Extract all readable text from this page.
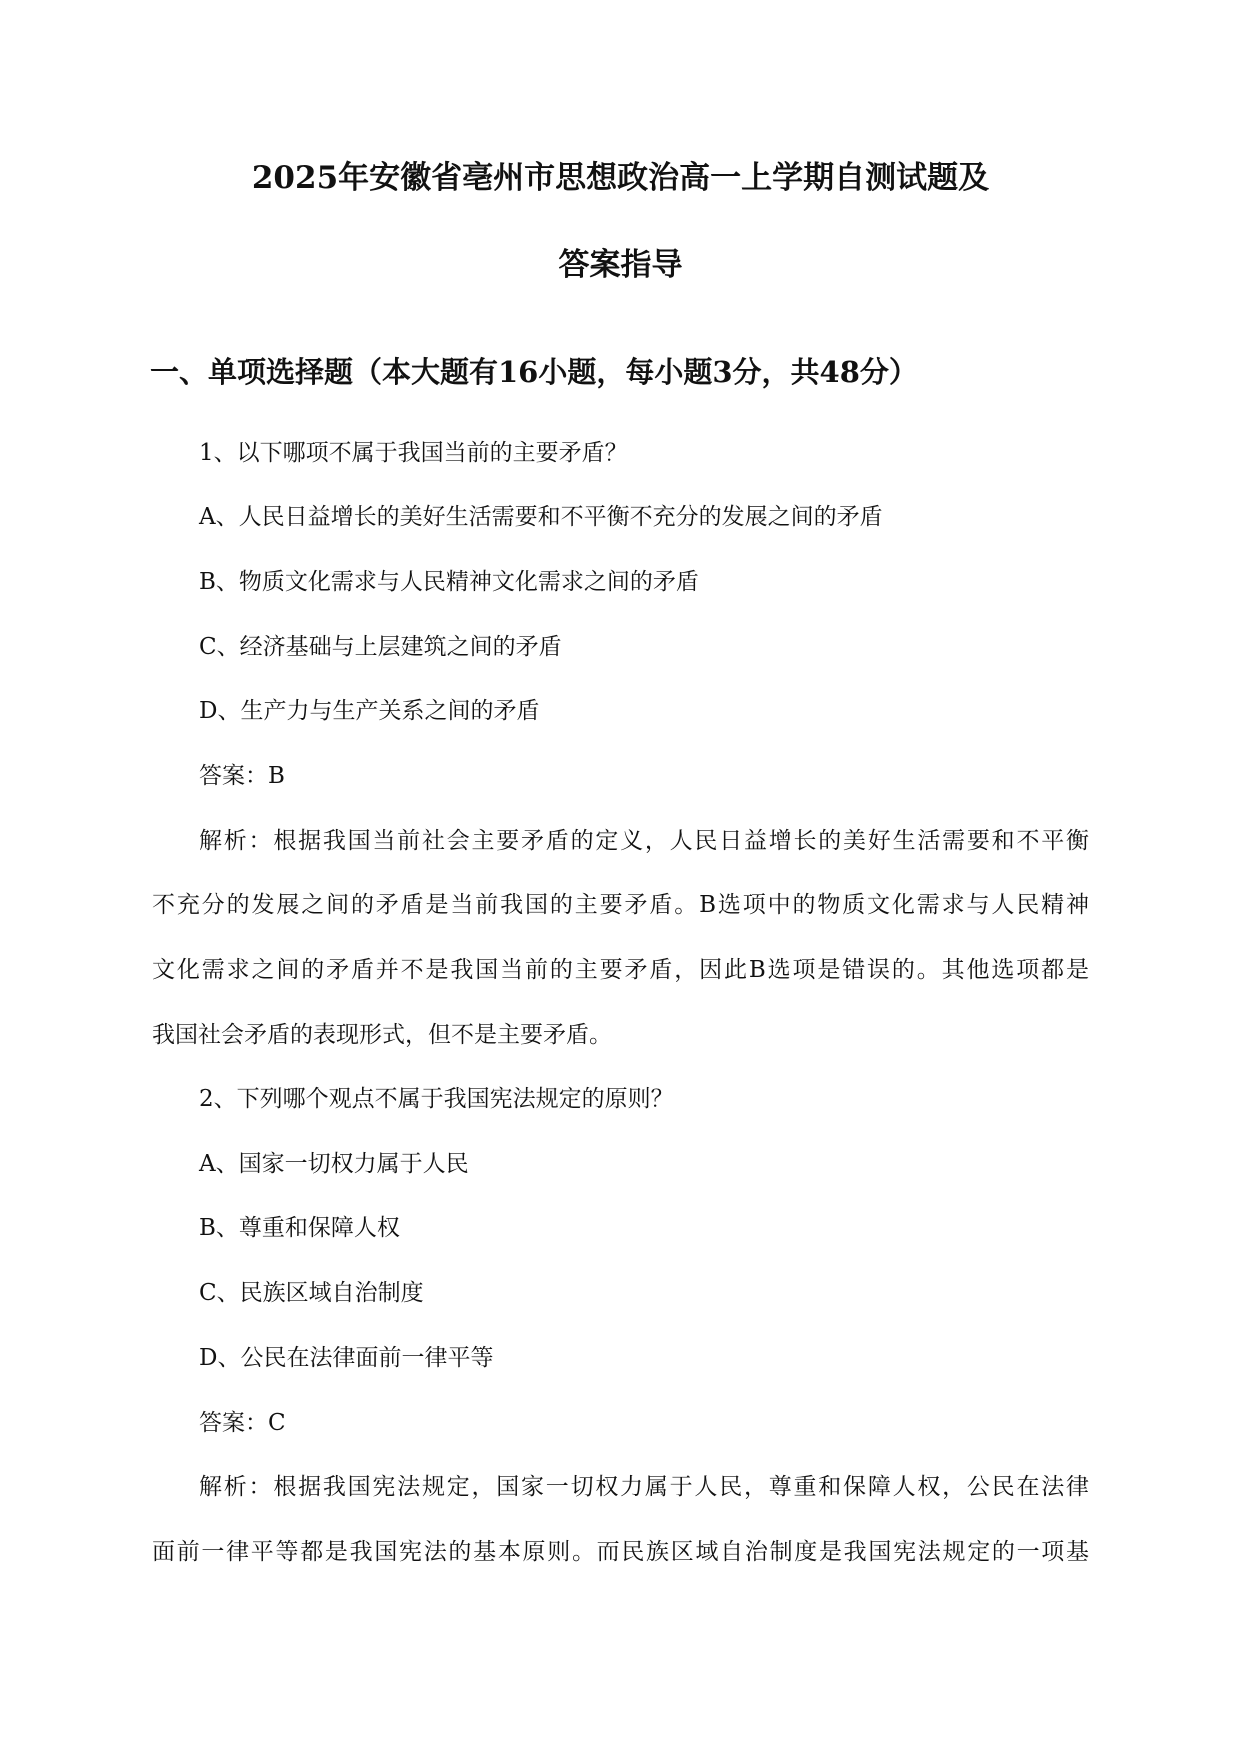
2025年安徽省亳州市思想政治高一上学期自测试题及
答案指导
一、单项选择题（本大题有16小题，每小题3分，共48分）
1、以下哪项不属于我国当前的主要矛盾？
A、人民日益增长的美好生活需要和不平衡不充分的发展之间的矛盾
B、物质文化需求与人民精神文化需求之间的矛盾
C、经济基础与上层建筑之间的矛盾
D、生产力与生产关系之间的矛盾
答案：B
解析：根据我国当前社会主要矛盾的定义，人民日益增长的美好生活需要和不平衡
不充分的发展之间的矛盾是当前我国的主要矛盾。B选项中的物质文化需求与人民精神
文化需求之间的矛盾并不是我国当前的主要矛盾，因此B选项是错误的。其他选项都是
我国社会矛盾的表现形式，但不是主要矛盾。
2、下列哪个观点不属于我国宪法规定的原则？
A、国家一切权力属于人民
B、尊重和保障人权
C、民族区域自治制度
D、公民在法律面前一律平等
答案：C
解析：根据我国宪法规定，国家一切权力属于人民，尊重和保障人权，公民在法律
面前一律平等都是我国宪法的基本原则。而民族区域自治制度是我国宪法规定的一项基
